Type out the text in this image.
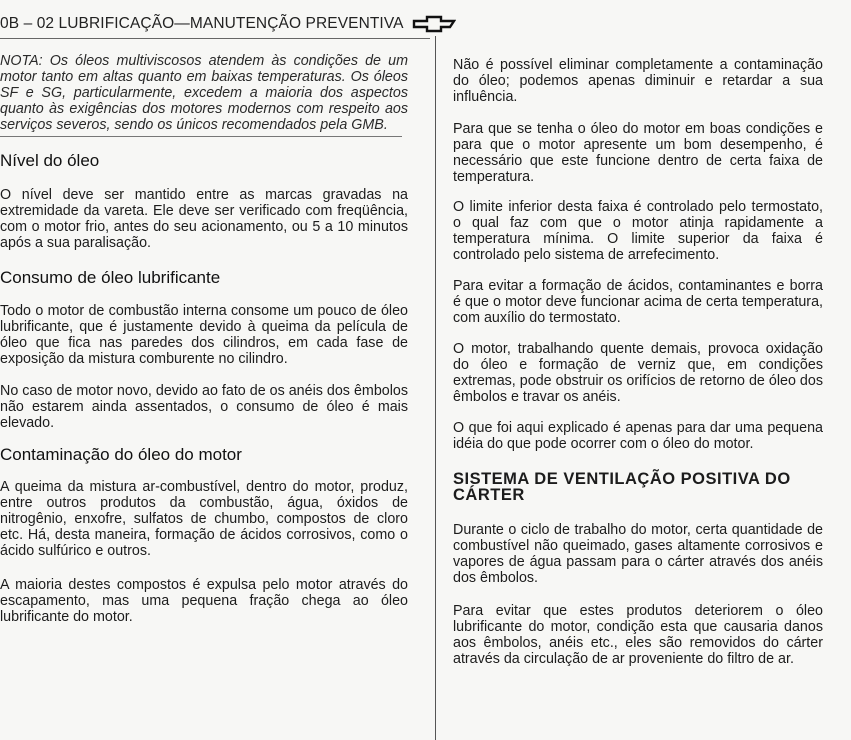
0B – 02 LUBRIFICAÇÃO—MANUTENÇÃO PREVENTIVA

NOTA: Os óleos multiviscosos atendem às condições de um motor tanto em altas quanto em baixas temperaturas. Os óleos SF e SG, particularmente, excedem a maioria dos aspectos quanto às exigências dos motores modernos com respeito aos serviços severos, sendo os únicos recomendados pela GMB.

Nível do óleo

O nível deve ser mantido entre as marcas gravadas na extremidade da vareta. Ele deve ser verificado com freqüência, com o motor frio, antes do seu acionamento, ou 5 a 10 minutos após a sua paralisação.

Consumo de óleo lubrificante

Todo o motor de combustão interna consome um pouco de óleo lubrificante, que é justamente devido à queima da película de óleo que fica nas paredes dos cilindros, em cada fase de exposição da mistura comburente no cilindro.

No caso de motor novo, devido ao fato de os anéis dos êmbolos não estarem ainda assentados, o consumo de óleo é mais elevado.

Contaminação do óleo do motor

A queima da mistura ar-combustível, dentro do motor, produz, entre outros produtos da combustão, água, óxidos de nitrogênio, enxofre, sulfatos de chumbo, compostos de cloro etc. Há, desta maneira, formação de ácidos corrosivos, como o ácido sulfúrico e outros.

A maioria destes compostos é expulsa pelo motor através do escapamento, mas uma pequena fração chega ao óleo lubrificante do motor.

Não é possível eliminar completamente a contaminação do óleo; podemos apenas diminuir e retardar a sua influência.

Para que se tenha o óleo do motor em boas condições e para que o motor apresente um bom desempenho, é necessário que este funcione dentro de certa faixa de temperatura.

O limite inferior desta faixa é controlado pelo termostato, o qual faz com que o motor atinja rapidamente a temperatura mínima. O limite superior da faixa é controlado pelo sistema de arrefecimento.

Para evitar a formação de ácidos, contaminantes e borra é que o motor deve funcionar acima de certa temperatura, com auxílio do termostato.

O motor, trabalhando quente demais, provoca oxidação do óleo e formação de verniz que, em condições extremas, pode obstruir os orifícios de retorno de óleo dos êmbolos e travar os anéis.

O que foi aqui explicado é apenas para dar uma pequena idéia do que pode ocorrer com o óleo do motor.

SISTEMA DE VENTILAÇÃO POSITIVA DO CÁRTER

Durante o ciclo de trabalho do motor, certa quantidade de combustível não queimado, gases altamente corrosivos e vapores de água passam para o cárter através dos anéis dos êmbolos.

Para evitar que estes produtos deteriorem o óleo lubrificante do motor, condição esta que causaria danos aos êmbolos, anéis etc., eles são removidos do cárter através da circulação de ar proveniente do filtro de ar.
